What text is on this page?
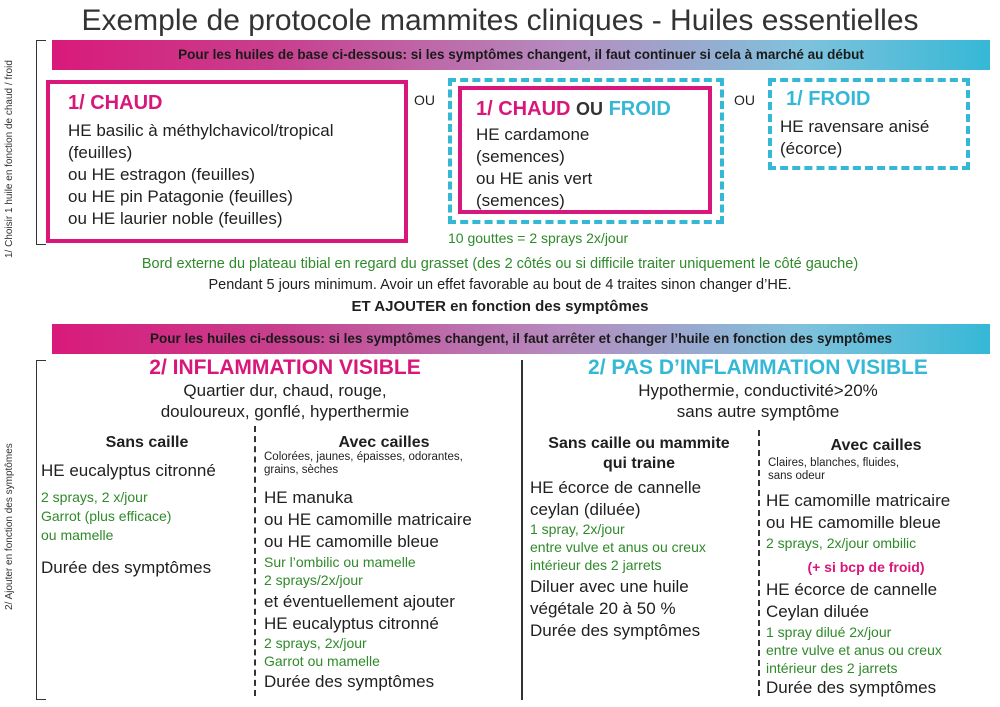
Exemple de protocole mammites cliniques - Huiles essentielles
Pour les huiles de base ci-dessous: si les symptômes changent, il faut continuer si cela à marché au début
1/ Choisir 1 huile en fonction de chaud / froid	1/ CHAUD
HE basilic à méthylchavicol/tropical
(feuilles)
ou HE estragon (feuilles)
ou HE pin Patagonie (feuilles)
ou HE laurier noble (feuilles)
OU 1/ CHAUD OU FROID
HE cardamone
(semences)
ou HE anis vert
(semences)
10 gouttes = 2 sprays 2x/jour
OU 1/ FROID
HE ravensare anisé
(écorce)
Bord externe du plateau tibial en regard du grasset (des 2 côtés ou si difficile traiter uniquement le côté gauche)
Pendant 5 jours minimum. Avoir un effet favorable au bout de 4 traites sinon changer d’HE.
ET AJOUTER en fonction des symptômes
Pour les huiles ci-dessous: si les symptômes changent, il faut arrêter et changer l’huile en fonction des symptômes
2/ Ajouter en fonction des symptômes
2/ INFLAMMATION VISIBLE
Quartier dur, chaud, rouge,
douloureux, gonflé, hyperthermie
Sans caille
HE eucalyptus citronné
2 sprays, 2 x/jour
Garrot (plus efficace)
ou mamelle
Durée des symptômes
Avec cailles
Colorées, jaunes, épaisses, odorantes,
grains, sèches
HE manuka
ou HE camomille matricaire
ou HE camomille bleue
Sur l’ombilic ou mamelle
2 sprays/2x/jour
et éventuellement ajouter
HE eucalyptus citronné
2 sprays, 2x/jour
Garrot ou mamelle
Durée des symptômes
2/ PAS D’INFLAMMATION VISIBLE
Hypothermie, conductivité>20%
sans autre symptôme
Sans caille ou mammite
qui traine
HE écorce de cannelle
ceylan (diluée)
1 spray, 2x/jour
entre vulve et anus ou creux
intérieur des 2 jarrets
Diluer avec une huile
végétale 20 à 50 %
Durée des symptômes
Avec cailles
Claires, blanches, fluides,
sans odeur
HE camomille matricaire
ou HE camomille bleue
2 sprays, 2x/jour ombilic
(+ si bcp de froid)
HE écorce de cannelle
Ceylan diluée
1 spray dilué 2x/jour
entre vulve et anus ou creux
intérieur des 2 jarrets
Durée des symptômes
